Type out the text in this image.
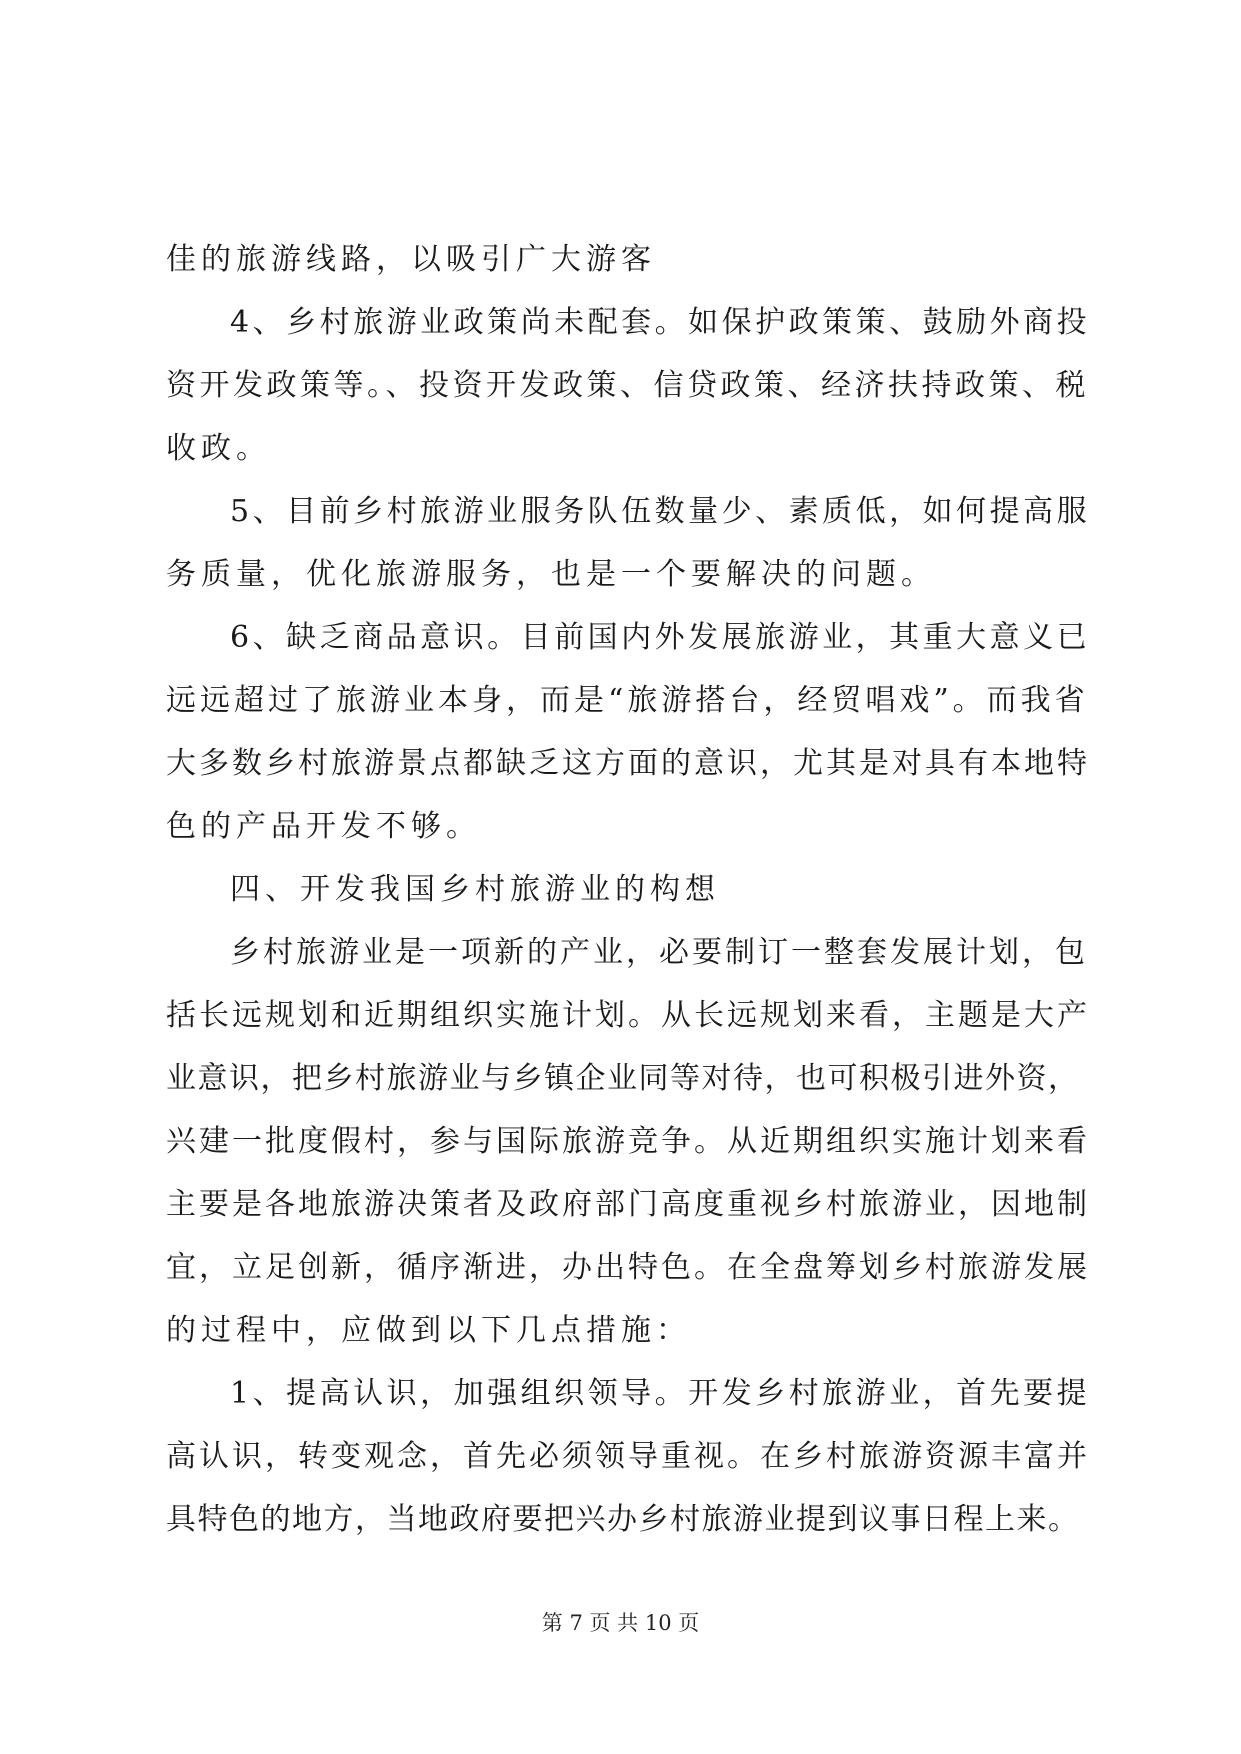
佳的旅游线路，以吸引广大游客
4、乡村旅游业政策尚未配套。如保护政策策、鼓励外商投
资开发政策等。、投资开发政策、信贷政策、经济扶持政策、税
收政。
5、目前乡村旅游业服务队伍数量少、素质低，如何提高服
务质量，优化旅游服务，也是一个要解决的问题。
6、缺乏商品意识。目前国内外发展旅游业，其重大意义已
远远超过了旅游业本身，而是“旅游搭台，经贸唱戏”。而我省
大多数乡村旅游景点都缺乏这方面的意识，尤其是对具有本地特
色的产品开发不够。
四、开发我国乡村旅游业的构想
乡村旅游业是一项新的产业，必要制订一整套发展计划，包
括长远规划和近期组织实施计划。从长远规划来看，主题是大产
业意识，把乡村旅游业与乡镇企业同等对待，也可积极引进外资，
兴建一批度假村，参与国际旅游竞争。从近期组织实施计划来看
主要是各地旅游决策者及政府部门高度重视乡村旅游业，因地制
宜，立足创新，循序渐进，办出特色。在全盘筹划乡村旅游发展
的过程中，应做到以下几点措施：
1、提高认识，加强组织领导。开发乡村旅游业，首先要提
高认识，转变观念，首先必须领导重视。在乡村旅游资源丰富并
具特色的地方，当地政府要把兴办乡村旅游业提到议事日程上来。
第 7 页 共 10 页
